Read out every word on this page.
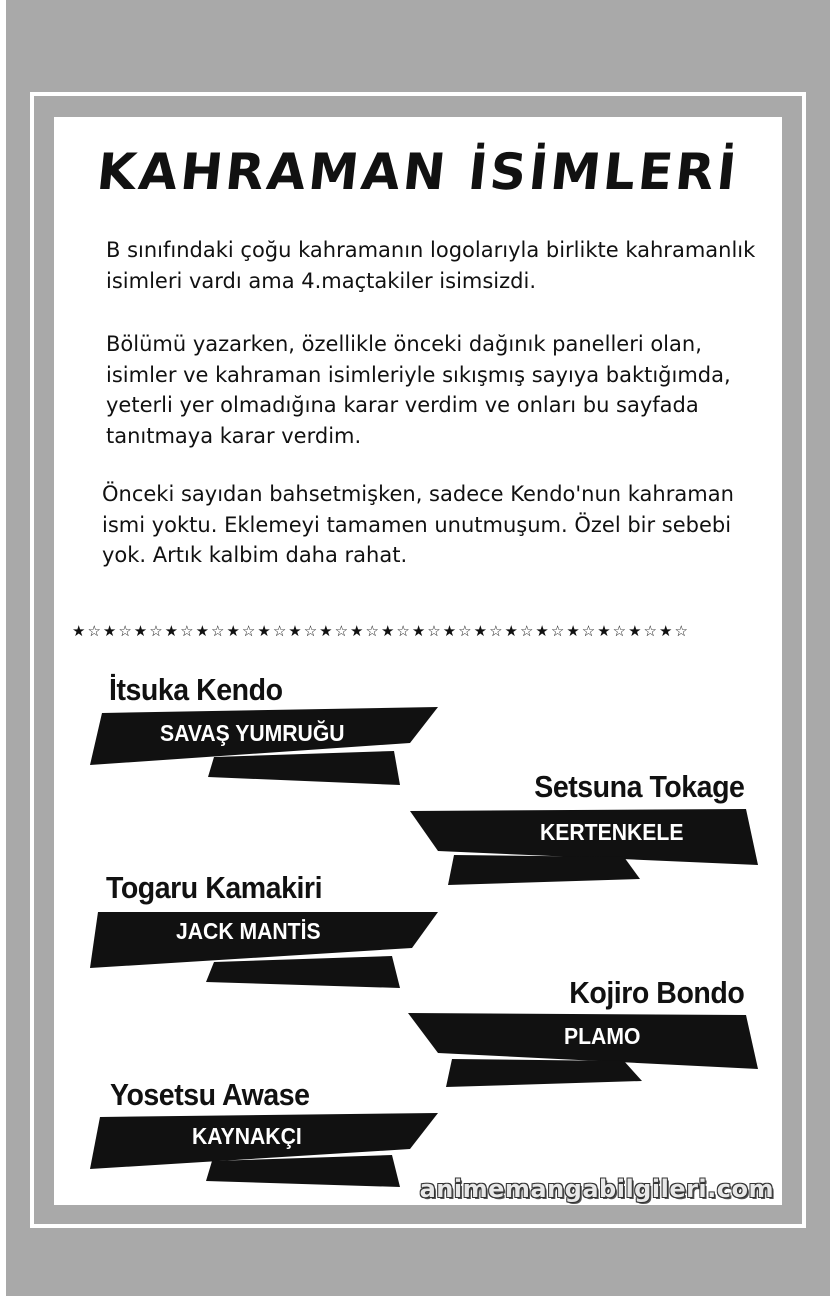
KAHRAMAN İSİMLERİ

B sınıfındaki çoğu kahramanın logolarıyla birlikte kahramanlık isimleri vardı ama 4.maçtakiler isimsizdi.

Bölümü yazarken, özellikle önceki dağınık panelleri olan, isimler ve kahraman isimleriyle sıkışmış sayıya baktığımda, yeterli yer olmadığına karar verdim ve onları bu sayfada tanıtmaya karar verdim.

Önceki sayıdan bahsetmişken, sadece Kendo'nun kahraman ismi yoktu. Eklemeyi tamamen unutmuşum. Özel bir sebebi yok. Artık kalbim daha rahat.

★☆★☆★☆★☆★☆★☆★☆★☆★☆★☆★☆★☆★☆★☆★☆★☆★☆★☆★☆★☆
İtsuka Kendo
SAVAŞ YUMRUĞU
Setsuna Tokage
KERTENKELE
Togaru Kamakiri
JACK MANTİS
Kojiro Bondo
PLAMO
Yosetsu Awase
KAYNAKÇI
animemangabilgileri.com
